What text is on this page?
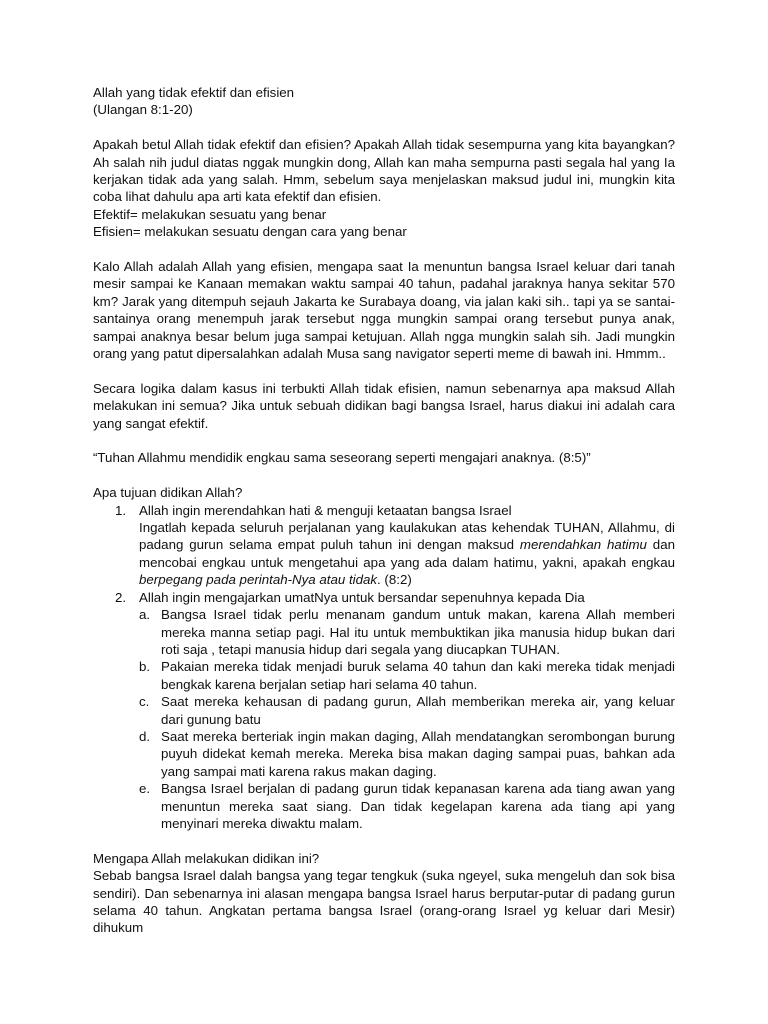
Allah yang tidak efektif dan efisien

(Ulangan 8:1-20)

Apakah betul Allah tidak efektif dan efisien? Apakah Allah tidak sesempurna yang kita bayangkan? Ah salah nih judul diatas nggak mungkin dong, Allah kan maha sempurna pasti segala hal yang Ia kerjakan tidak ada yang salah. Hmm, sebelum saya menjelaskan maksud judul ini, mungkin kita coba lihat dahulu apa arti kata efektif dan efisien.

Efektif= melakukan sesuatu yang benar

Efisien= melakukan sesuatu dengan cara yang benar

Kalo Allah adalah Allah yang efisien, mengapa saat Ia menuntun bangsa Israel keluar dari tanah mesir sampai ke Kanaan memakan waktu sampai 40 tahun, padahal jaraknya hanya sekitar 570 km? Jarak yang ditempuh sejauh Jakarta ke Surabaya doang, via jalan kaki sih.. tapi ya se santai-santainya orang menempuh jarak tersebut ngga mungkin sampai orang tersebut punya anak, sampai anaknya besar belum juga sampai ketujuan. Allah ngga mungkin salah sih. Jadi mungkin orang yang patut dipersalahkan adalah Musa sang navigator seperti meme di bawah ini. Hmmm..

Secara logika dalam kasus ini terbukti Allah tidak efisien, namun sebenarnya apa maksud Allah melakukan ini semua? Jika untuk sebuah didikan bagi bangsa Israel, harus diakui ini adalah cara yang sangat efektif.

“Tuhan Allahmu mendidik engkau sama seseorang seperti mengajari anaknya. (8:5)”

Apa tujuan didikan Allah?

1. Allah ingin merendahkan hati & menguji ketaatan bangsa Israel

Ingatlah kepada seluruh perjalanan yang kaulakukan atas kehendak TUHAN, Allahmu, di padang gurun selama empat puluh tahun ini dengan maksud merendahkan hatimu dan mencobai engkau untuk mengetahui apa yang ada dalam hatimu, yakni, apakah engkau berpegang pada perintah-Nya atau tidak. (8:2)

2. Allah ingin mengajarkan umatNya untuk bersandar sepenuhnya kepada Dia

a. Bangsa Israel tidak perlu menanam gandum untuk makan, karena Allah memberi mereka manna setiap pagi. Hal itu untuk membuktikan jika manusia hidup bukan dari roti saja , tetapi manusia hidup dari segala yang diucapkan TUHAN.
b. Pakaian mereka tidak menjadi buruk selama 40 tahun dan kaki mereka tidak menjadi bengkak karena berjalan setiap hari selama 40 tahun.
c. Saat mereka kehausan di padang gurun, Allah memberikan mereka air, yang keluar dari gunung batu
d. Saat mereka berteriak ingin makan daging, Allah mendatangkan serombongan burung puyuh didekat kemah mereka. Mereka bisa makan daging sampai puas, bahkan ada yang sampai mati karena rakus makan daging.
e. Bangsa Israel berjalan di padang gurun tidak kepanasan karena ada tiang awan yang menuntun mereka saat siang. Dan tidak kegelapan karena ada tiang api yang menyinari mereka diwaktu malam.

Mengapa Allah melakukan didikan ini?

Sebab bangsa Israel dalah bangsa yang tegar tengkuk (suka ngeyel, suka mengeluh dan sok bisa sendiri). Dan sebenarnya ini alasan mengapa bangsa Israel harus berputar-putar di padang gurun selama 40 tahun. Angkatan pertama bangsa Israel (orang-orang Israel yg keluar dari Mesir) dihukum
